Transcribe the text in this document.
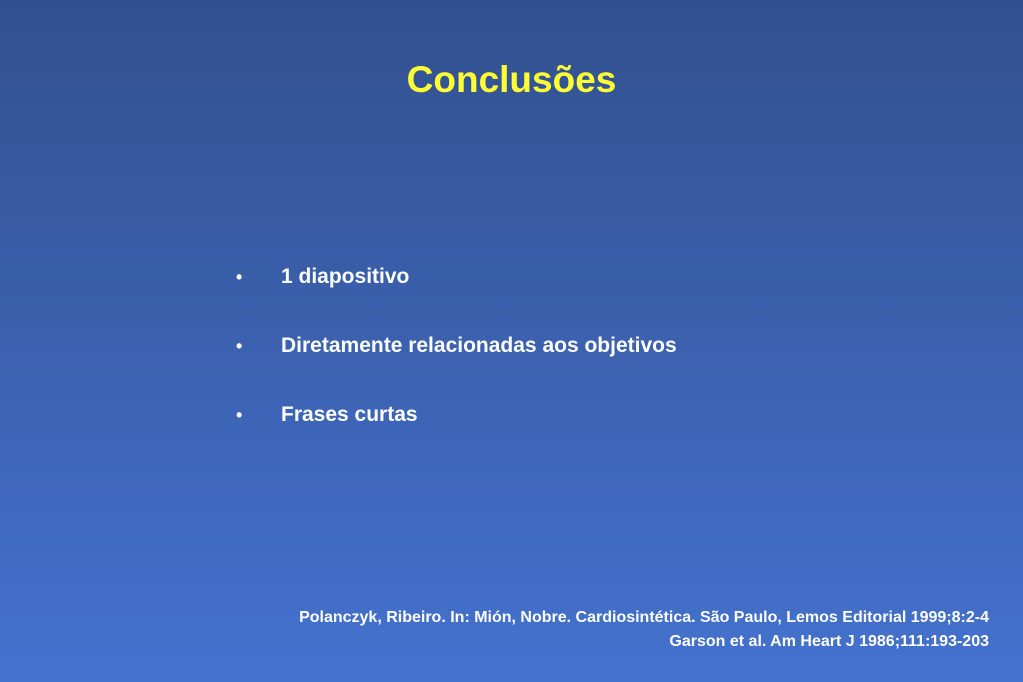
Conclusões
• 1 diapositivo
• Diretamente relacionadas aos objetivos
• Frases curtas
Polanczyk, Ribeiro. In: Mión, Nobre. Cardiosintética. São Paulo, Lemos Editorial 1999;8:2-4
Garson et al. Am Heart J 1986;111:193-203
